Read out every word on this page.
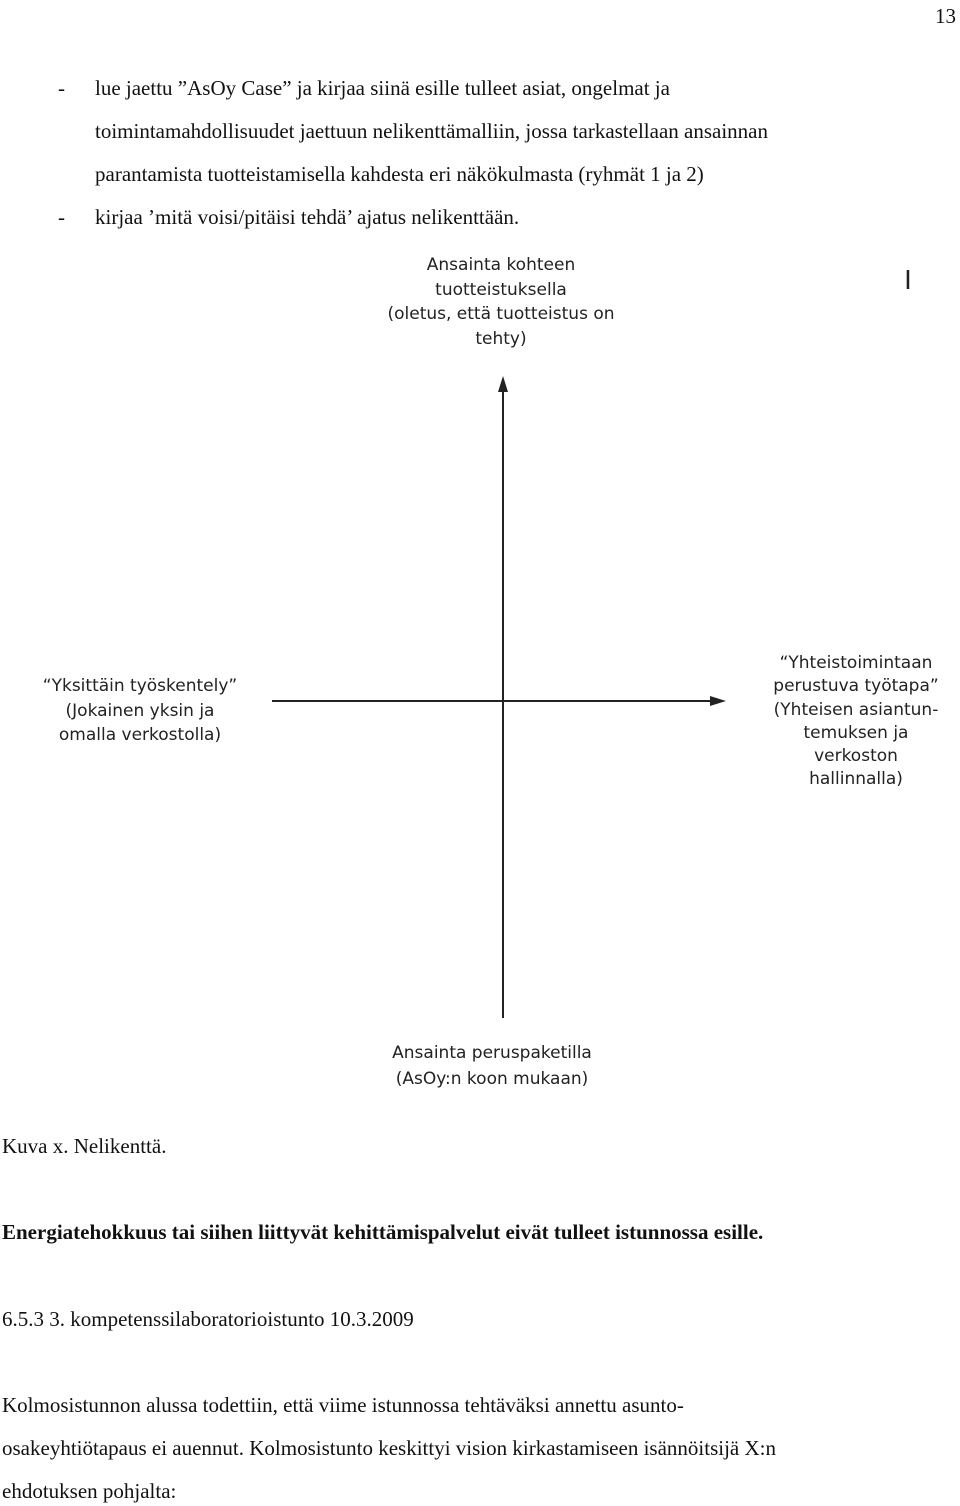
13
- lue jaettu ”AsOy Case” ja kirjaa siinä esille tulleet asiat, ongelmat ja
toimintamahdollisuudet jaettuun nelikenttämalliin, jossa tarkastellaan ansainnan
parantamista tuotteistamisella kahdesta eri näkökulmasta (ryhmät 1 ja 2)
- kirjaa ’mitä voisi/pitäisi tehdä’ ajatus nelikenttään.
Ansainta kohteen
tuotteistuksella
(oletus, että tuotteistus on
tehty)
I
“Yksittäin työskentely”
(Jokainen yksin ja
omalla verkostolla)
“Yhteistoimintaan
perustuva työtapa”
(Yhteisen asiantun-
temuksen ja
verkoston
hallinnalla)
Ansainta peruspaketilla
(AsOy:n koon mukaan)
Kuva x. Nelikenttä.
Energiatehokkuus tai siihen liittyvät kehittämispalvelut eivät tulleet istunnossa esille.
6.5.3 3. kompetenssilaboratorioistunto 10.3.2009
Kolmosistunnon alussa todettiin, että viime istunnossa tehtäväksi annettu asunto-
osakeyhtiötapaus ei auennut. Kolmosistunto keskittyi vision kirkastamiseen isännöitsijä X:n
ehdotuksen pohjalta:
